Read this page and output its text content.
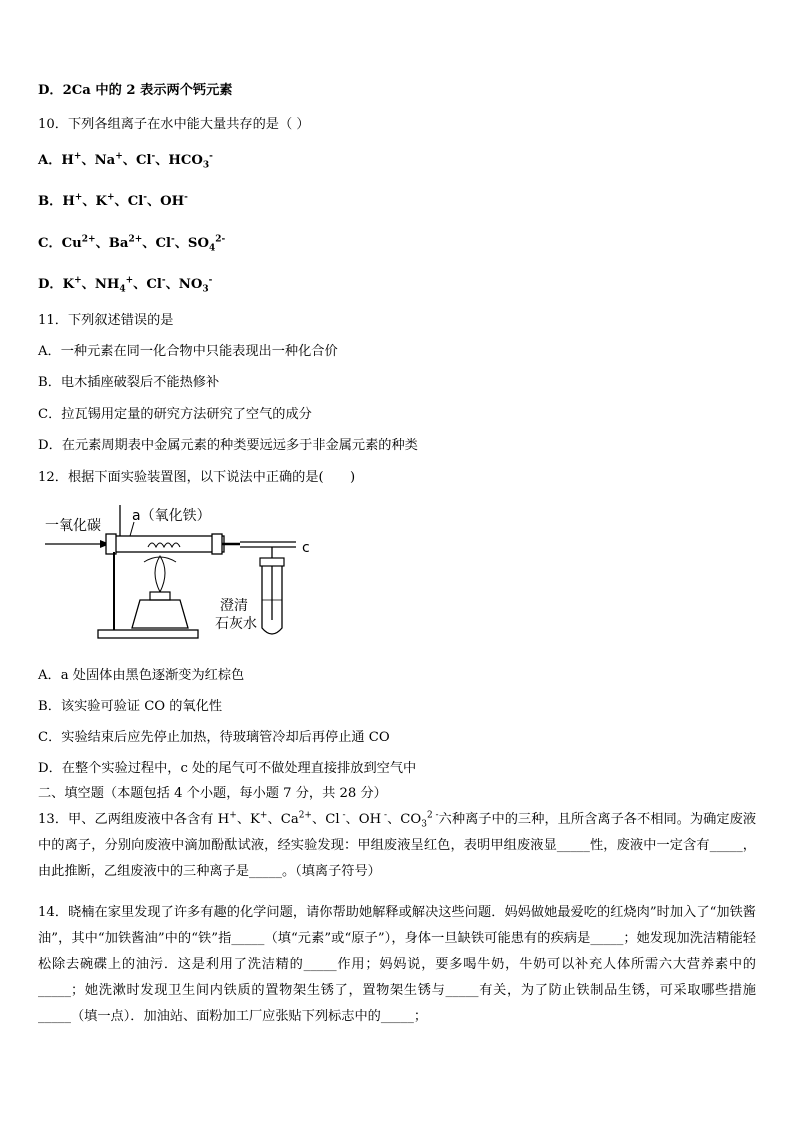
D．2Ca 中的 2 表示两个钙元素
10．下列各组离子在水中能大量共存的是（ ）
A．H+、Na+、Cl-、$HCO_3^-$
B．H+、K+、Cl-、OH-
C．$Cu^{2+}$、$Ba^{2+}$、Cl-、$SO_4^{2-}$
D．K+、$NH_4^+$、Cl-、$NO_3^-$
11．下列叙述错误的是
A．一种元素在同一化合物中只能表现出一种化合价
B．电木插座破裂后不能热修补
C．拉瓦锡用定量的研究方法研究了空气的成分
D．在元素周期表中金属元素的种类要远远多于非金属元素的种类
12．根据下面实验装置图，以下说法中正确的是(　　)
一氧化碳
a（氧化铁）
c
澄清
石灰水
A．a 处固体由黑色逐渐变为红棕色
B．该实验可验证 CO 的氧化性
C．实验结束后应先停止加热，待玻璃管冷却后再停止通 CO
D．在整个实验过程中，c 处的尾气可不做处理直接排放到空气中
二、填空题（本题包括 4 个小题，每小题 7 分，共 28 分）
13．甲、乙两组废液中各含有 H+、K+、$Ca^{2+}$、Cl -、OH -、$CO_3^{2 -}$六种离子中的三种，且所含离子各不相同。为确定废液中的离子，分别向废液中滴加酚酞试液，经实验发现：甲组废液呈红色，表明甲组废液显_____性，废液中一定含有_____，由此推断，乙组废液中的三种离子是_____。（填离子符号）
14．晓楠在家里发现了许多有趣的化学问题，请你帮助她解释或解决这些问题．妈妈做她最爱吃的红烧肉”时加入了“加铁酱油”，其中“加铁酱油”中的“铁”指_____（填“元素”或“原子”），身体一旦缺铁可能患有的疾病是_____；她发现加洗洁精能轻松除去碗碟上的油污．这是利用了洗洁精的_____作用；妈妈说，要多喝牛奶，牛奶可以补充人体所需六大营养素中的_____；她洗漱时发现卫生间内铁质的置物架生锈了，置物架生锈与_____有关，为了防止铁制品生锈，可采取哪些措施_____（填一点）．加油站、面粉加工厂应张贴下列标志中的_____；
